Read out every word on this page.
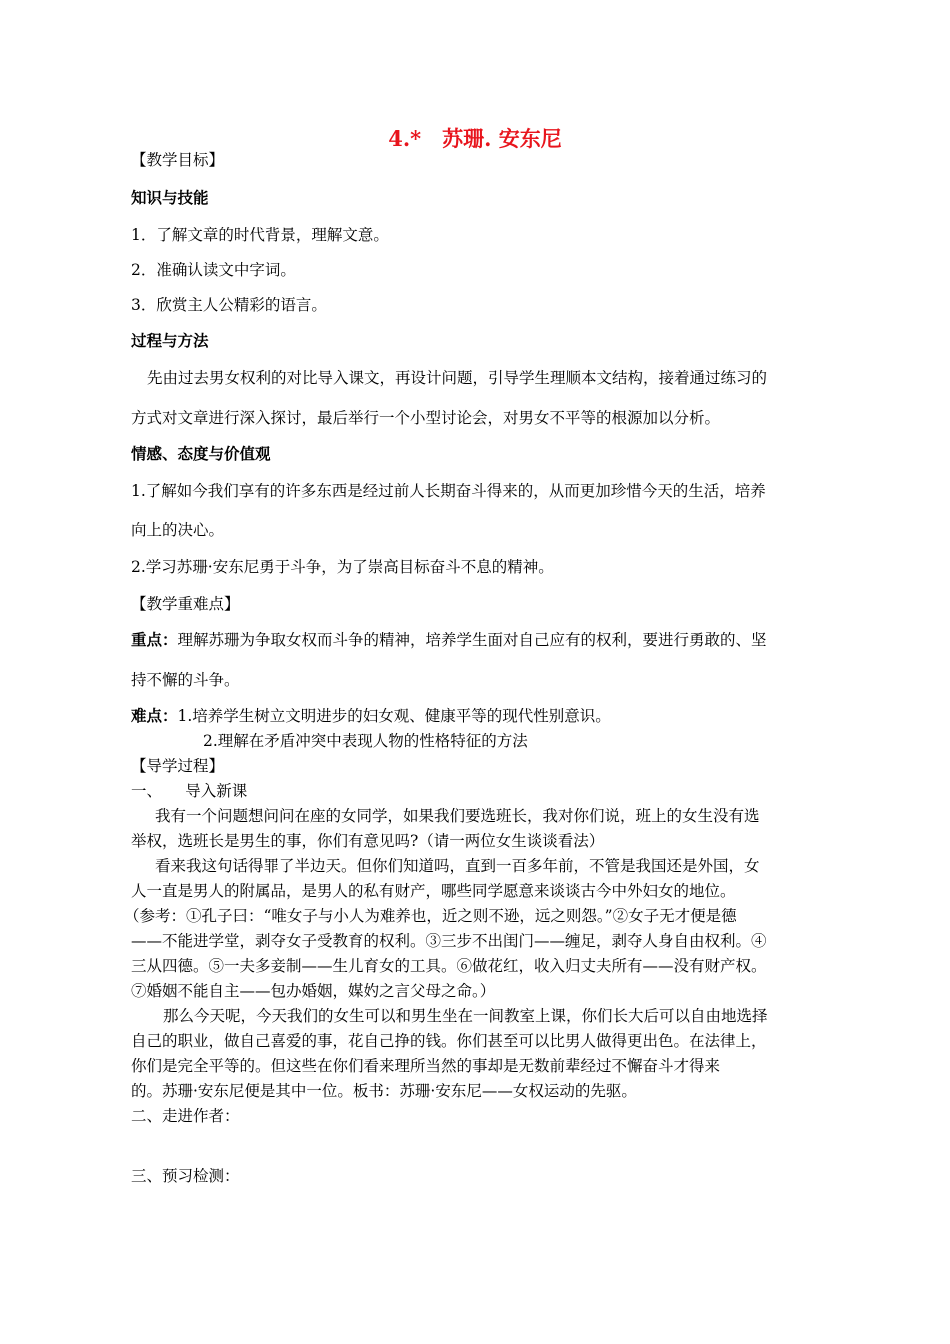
4.*　苏珊. 安东尼
【教学目标】
知识与技能
1．了解文章的时代背景，理解文意。
2．准确认读文中字词。
3．欣赏主人公精彩的语言。
过程与方法
先由过去男女权利的对比导入课文，再设计问题，引导学生理顺本文结构，接着通过练习的
方式对文章进行深入探讨，最后举行一个小型讨论会，对男女不平等的根源加以分析。
情感、态度与价值观
1.了解如今我们享有的许多东西是经过前人长期奋斗得来的，从而更加珍惜今天的生活，培养
向上的决心。
2.学习苏珊·安东尼勇于斗争，为了崇高目标奋斗不息的精神。
【教学重难点】
重点：理解苏珊为争取女权而斗争的精神，培养学生面对自己应有的权利，要进行勇敢的、坚
持不懈的斗争。
难点：1.培养学生树立文明进步的妇女观、健康平等的现代性别意识。
2.理解在矛盾冲突中表现人物的性格特征的方法
【导学过程】
一、　　导入新课
我有一个问题想问问在座的女同学，如果我们要选班长，我对你们说，班上的女生没有选
举权，选班长是男生的事，你们有意见吗?（请一两位女生谈谈看法）
看来我这句话得罪了半边天。但你们知道吗，直到一百多年前，不管是我国还是外国，女
人一直是男人的附属品，是男人的私有财产，哪些同学愿意来谈谈古今中外妇女的地位。
（参考：①孔子曰：“唯女子与小人为难养也，近之则不逊，远之则怨。”②女子无才便是德
——不能进学堂，剥夺女子受教育的权利。③三步不出闺门——缠足，剥夺人身自由权利。④
三从四德。⑤一夫多妾制——生儿育女的工具。⑥做花红，收入归丈夫所有——没有财产权。
⑦婚姻不能自主——包办婚姻，媒妁之言父母之命。）
那么今天呢，今天我们的女生可以和男生坐在一间教室上课，你们长大后可以自由地选择
自己的职业，做自己喜爱的事，花自己挣的钱。你们甚至可以比男人做得更出色。在法律上，
你们是完全平等的。但这些在你们看来理所当然的事却是无数前辈经过不懈奋斗才得来
的。苏珊·安东尼便是其中一位。板书：苏珊·安东尼——女权运动的先驱。
二、走进作者：
三、预习检测：
